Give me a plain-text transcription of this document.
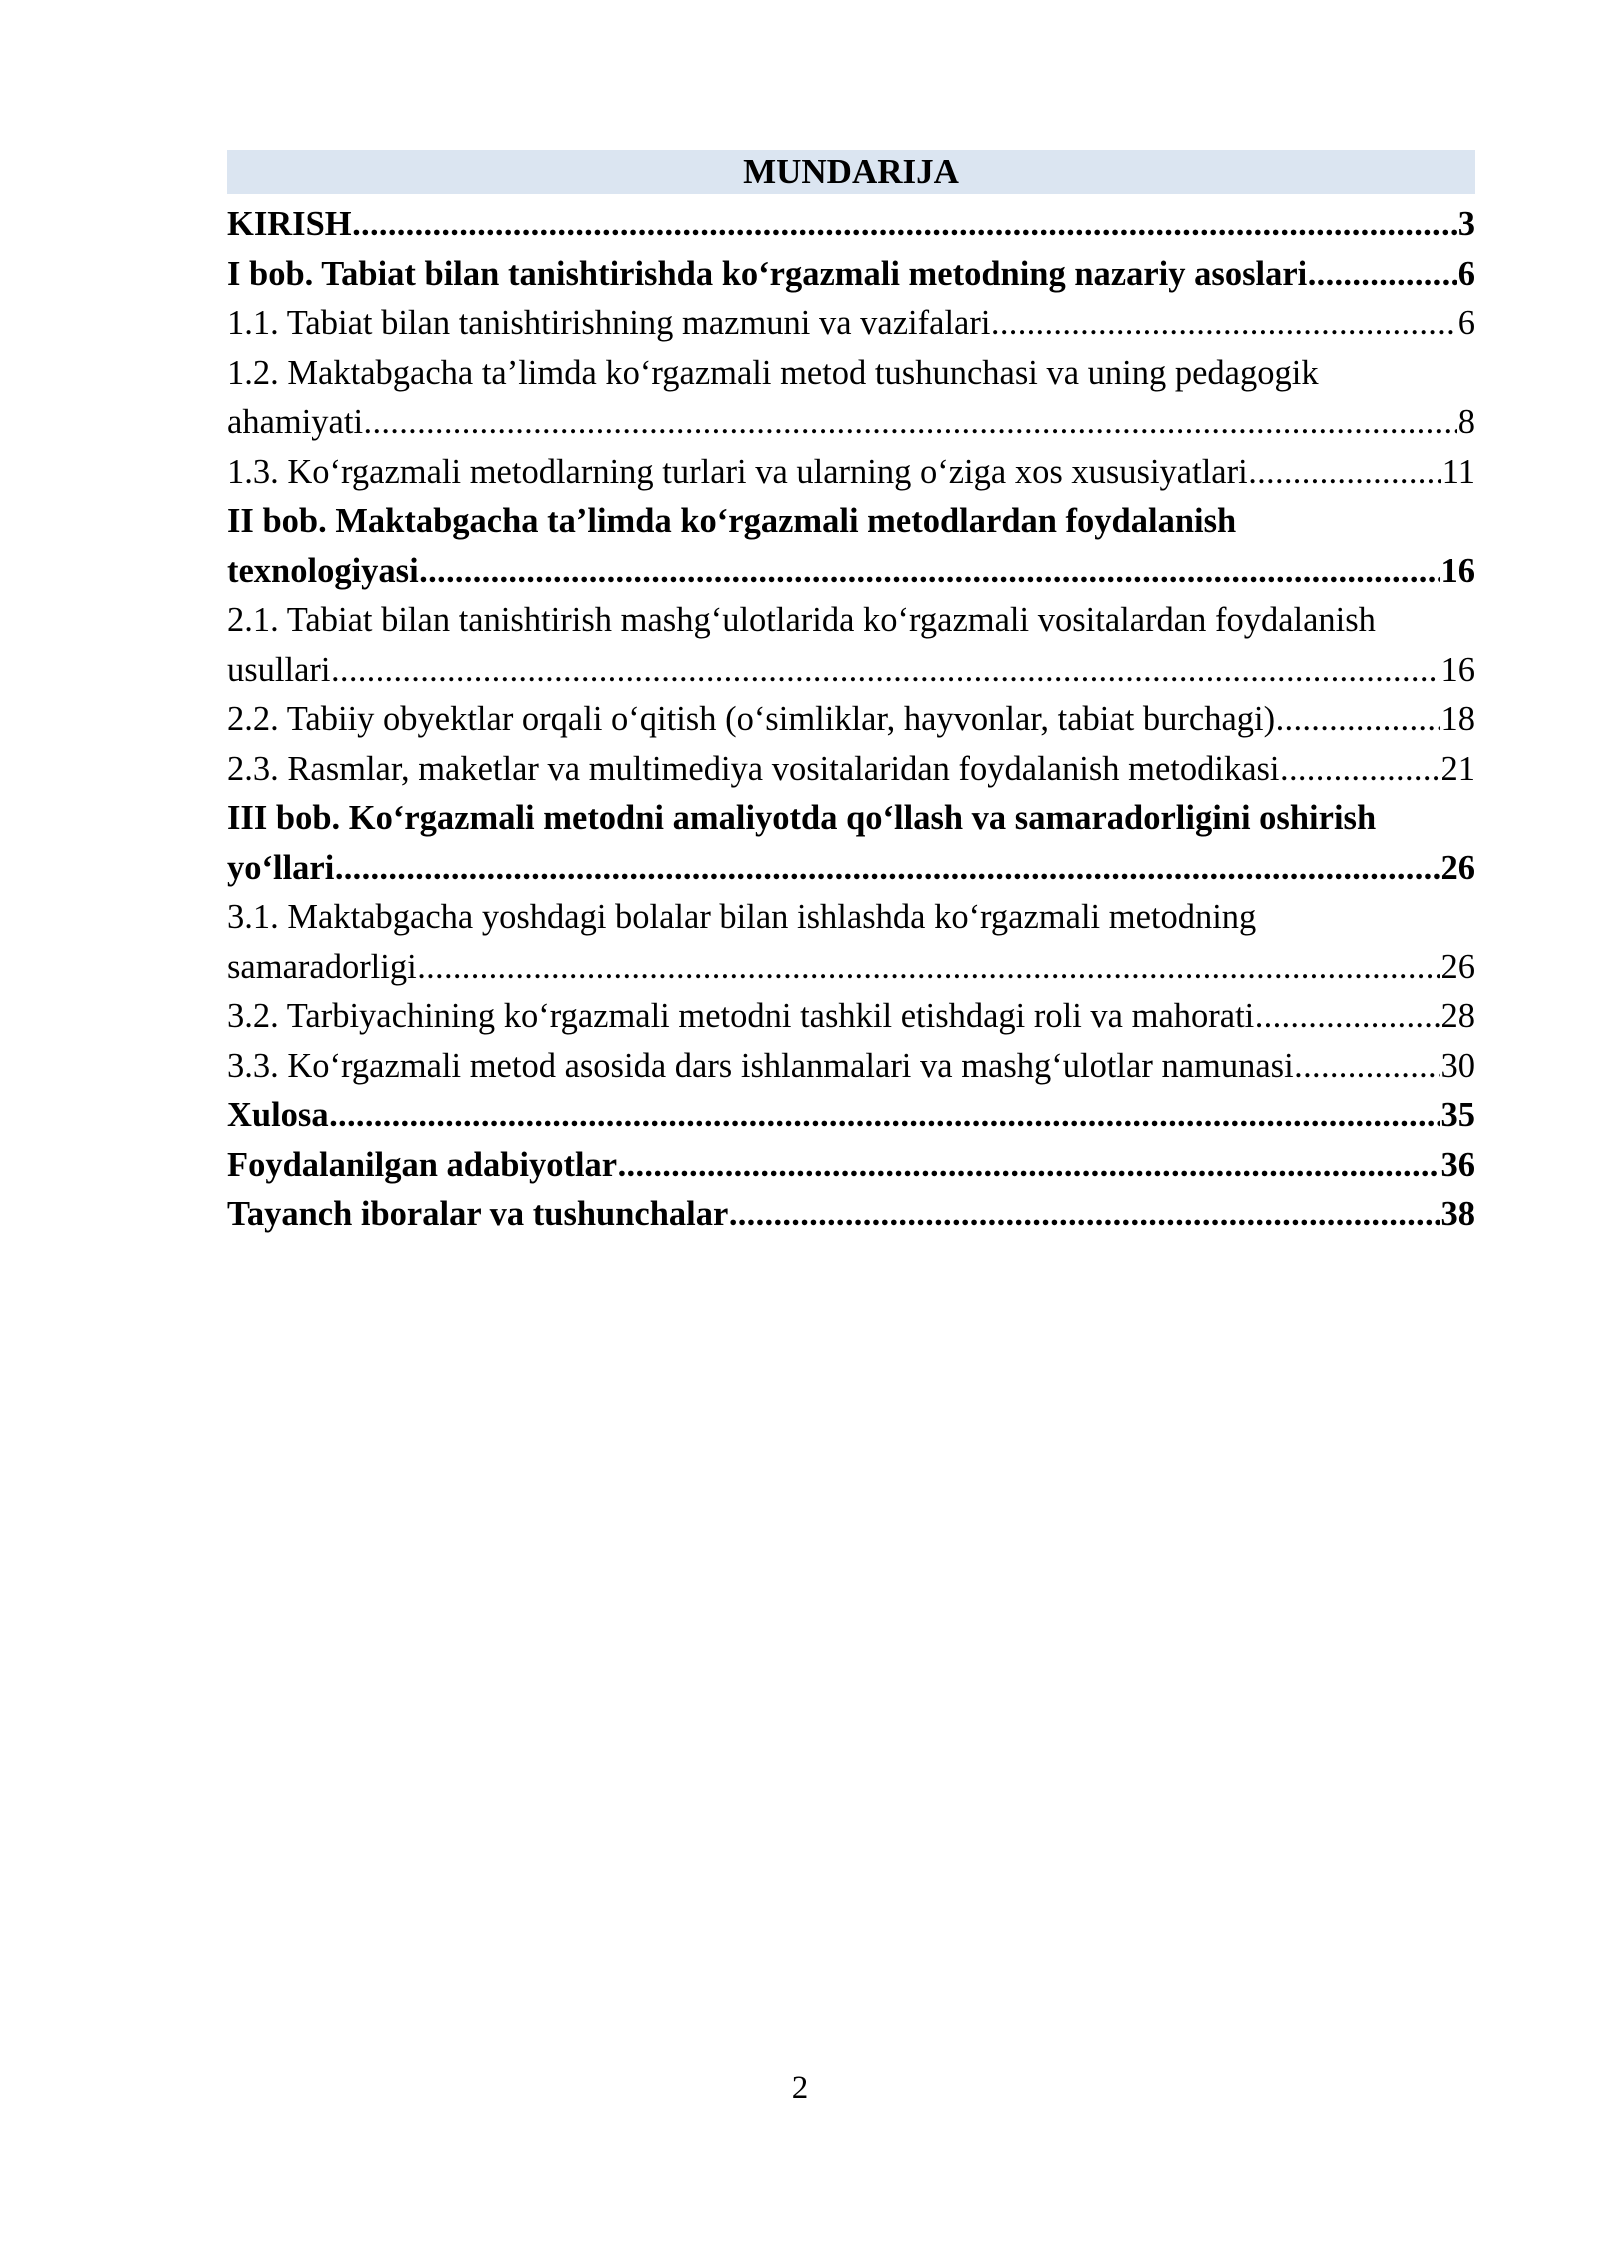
MUNDARIJA
KIRISH .....	3
I bob. Tabiat bilan tanishtirishda ko‘rgazmali metodning nazariy asoslari .....	6
1.1. Tabiat bilan tanishtirishning mazmuni va vazifalari .....	6
1.2. Maktabgacha ta’limda ko‘rgazmali metod tushunchasi va uning pedagogik
ahamiyati .....	8
1.3. Ko‘rgazmali metodlarning turlari va ularning o‘ziga xos xususiyatlari .....	11
II bob. Maktabgacha ta’limda ko‘rgazmali metodlardan foydalanish
texnologiyasi .....	16
2.1. Tabiat bilan tanishtirish mashg‘ulotlarida ko‘rgazmali vositalardan foydalanish
usullari .....	16
2.2. Tabiiy obyektlar orqali o‘qitish (o‘simliklar, hayvonlar, tabiat burchagi) .....	18
2.3. Rasmlar, maketlar va multimediya vositalaridan foydalanish metodikasi .....	21
III bob. Ko‘rgazmali metodni amaliyotda qo‘llash va samaradorligini oshirish
yo‘llari .....	26
3.1. Maktabgacha yoshdagi bolalar bilan ishlashda ko‘rgazmali metodning
samaradorligi .....	26
3.2. Tarbiyachining ko‘rgazmali metodni tashkil etishdagi roli va mahorati .....	28
3.3. Ko‘rgazmali metod asosida dars ishlanmalari va mashg‘ulotlar namunasi .....	30
Xulosa .....	35
Foydalanilgan adabiyotlar .....	36
Tayanch iboralar va tushunchalar .....	38
2
